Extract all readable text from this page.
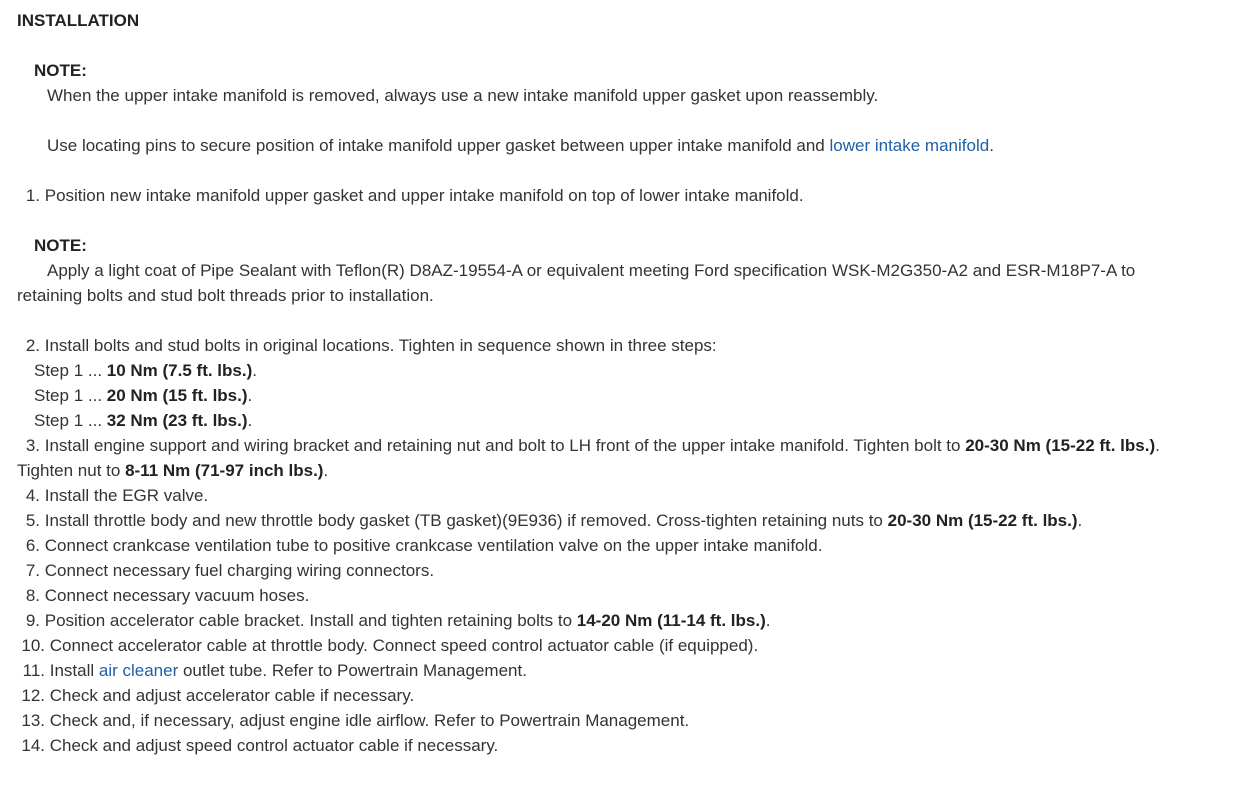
INSTALLATION
NOTE:
When the upper intake manifold is removed, always use a new intake manifold upper gasket upon reassembly.
Use locating pins to secure position of intake manifold upper gasket between upper intake manifold and lower intake manifold.
1. Position new intake manifold upper gasket and upper intake manifold on top of lower intake manifold.
NOTE:
Apply a light coat of Pipe Sealant with Teflon(R) D8AZ-19554-A or equivalent meeting Ford specification WSK-M2G350-A2 and ESR-M18P7-A to
retaining bolts and stud bolt threads prior to installation.
2. Install bolts and stud bolts in original locations. Tighten in sequence shown in three steps:
Step 1 ... 10 Nm (7.5 ft. lbs.).
Step 1 ... 20 Nm (15 ft. lbs.).
Step 1 ... 32 Nm (23 ft. lbs.).
3. Install engine support and wiring bracket and retaining nut and bolt to LH front of the upper intake manifold. Tighten bolt to 20-30 Nm (15-22 ft. lbs.).
Tighten nut to 8-11 Nm (71-97 inch lbs.).
4. Install the EGR valve.
5. Install throttle body and new throttle body gasket (TB gasket)(9E936) if removed. Cross-tighten retaining nuts to 20-30 Nm (15-22 ft. lbs.).
6. Connect crankcase ventilation tube to positive crankcase ventilation valve on the upper intake manifold.
7. Connect necessary fuel charging wiring connectors.
8. Connect necessary vacuum hoses.
9. Position accelerator cable bracket. Install and tighten retaining bolts to 14-20 Nm (11-14 ft. lbs.).
10. Connect accelerator cable at throttle body. Connect speed control actuator cable (if equipped).
11. Install air cleaner outlet tube. Refer to Powertrain Management.
12. Check and adjust accelerator cable if necessary.
13. Check and, if necessary, adjust engine idle airflow. Refer to Powertrain Management.
14. Check and adjust speed control actuator cable if necessary.
